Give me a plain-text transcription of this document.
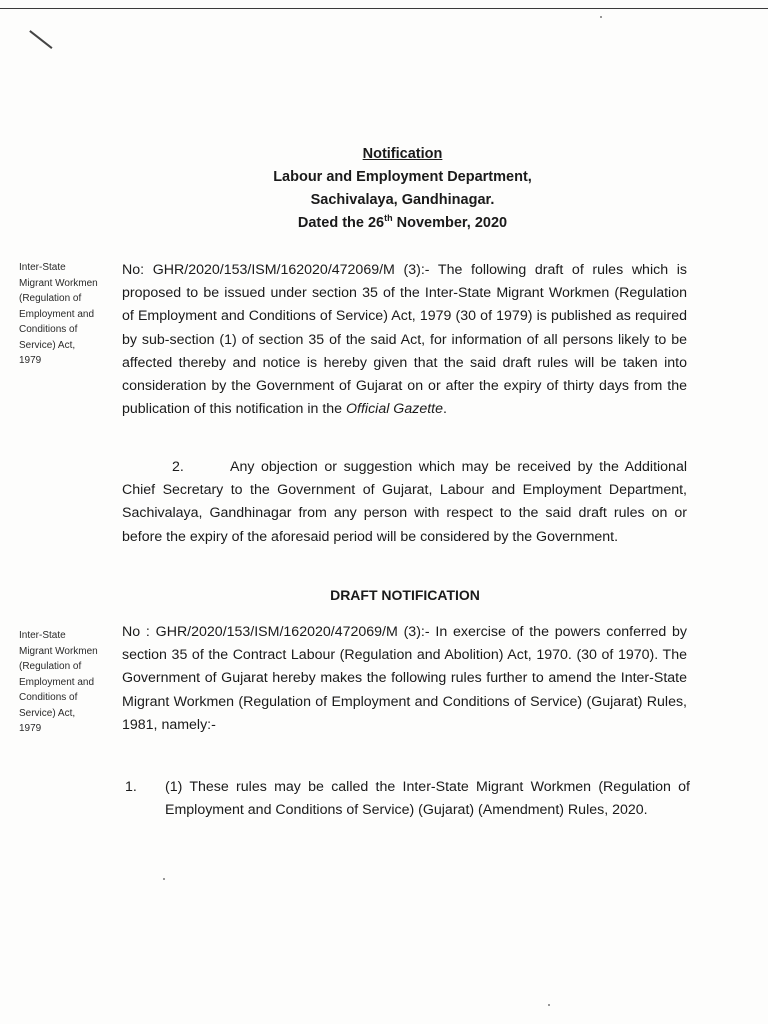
Notification
Labour and Employment Department,
Sachivalaya, Gandhinagar.
Dated the 26th November, 2020
Inter-State Migrant Workmen (Regulation of Employment and Conditions of Service) Act, 1979
No: GHR/2020/153/ISM/162020/472069/M (3):- The following draft of rules which is proposed to be issued under section 35 of the Inter-State Migrant Workmen (Regulation of Employment and Conditions of Service) Act, 1979 (30 of 1979) is published as required by sub-section (1) of section 35 of the said Act, for information of all persons likely to be affected thereby and notice is hereby given that the said draft rules will be taken into consideration by the Government of Gujarat on or after the expiry of thirty days from the publication of this notification in the Official Gazette.
2.	Any objection or suggestion which may be received by the Additional Chief Secretary to the Government of Gujarat, Labour and Employment Department, Sachivalaya, Gandhinagar from any person with respect to the said draft rules on or before the expiry of the aforesaid period will be considered by the Government.
DRAFT NOTIFICATION
Inter-State Migrant Workmen (Regulation of Employment and Conditions of Service) Act, 1979
No : GHR/2020/153/ISM/162020/472069/M (3):- In exercise of the powers conferred by section 35 of the Contract Labour (Regulation and Abolition) Act, 1970. (30 of 1970). The Government of Gujarat hereby makes the following rules further to amend the Inter-State Migrant Workmen (Regulation of Employment and Conditions of Service) (Gujarat) Rules, 1981, namely:-
1. (1) These rules may be called the Inter-State Migrant Workmen (Regulation of Employment and Conditions of Service) (Gujarat) (Amendment) Rules, 2020.
